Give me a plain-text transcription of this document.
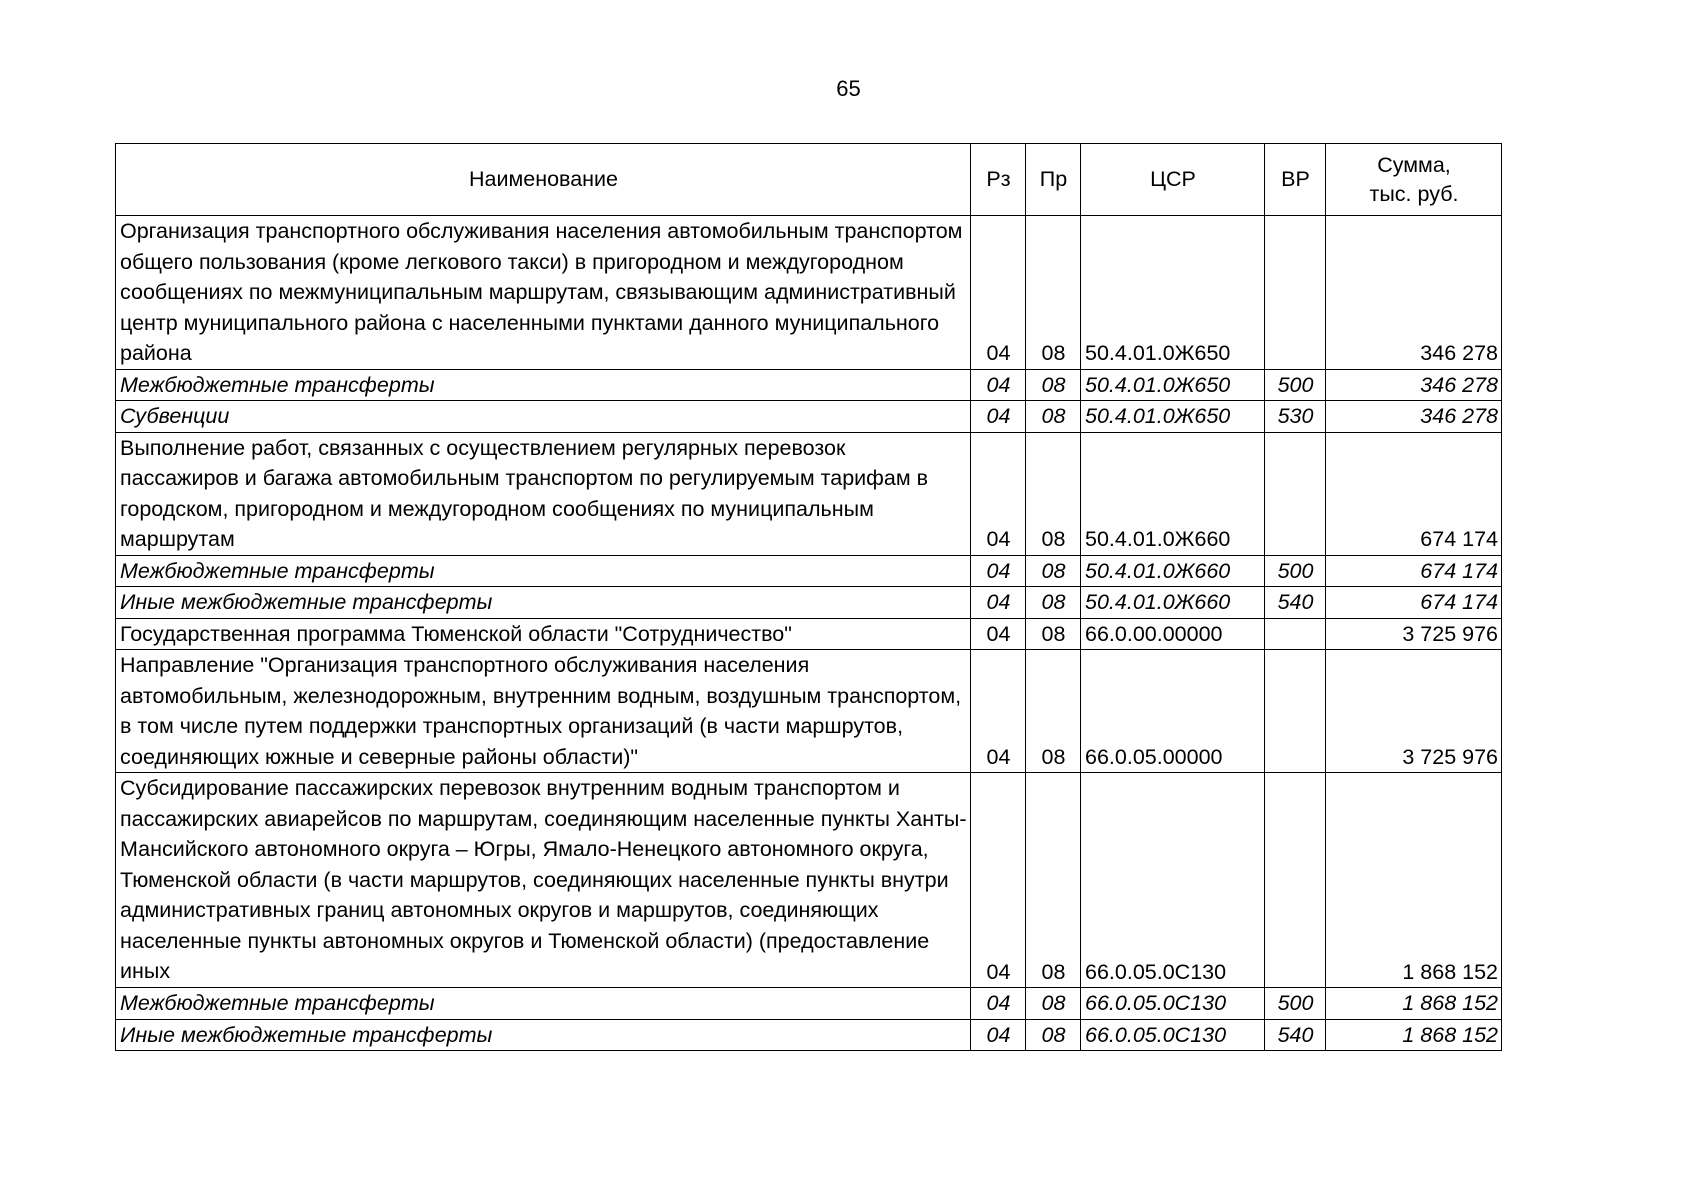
65
Наименование	Рз	Пр	ЦСР	ВР	Сумма,
тыс. руб.

Организация транспортного обслуживания населения автомобильным транспортом общего пользования (кроме легкового такси) в пригородном и междугородном сообщениях по межмуниципальным маршрутам, связывающим административный центр муниципального района с населенными пунктами данного муниципального района	04	08	50.4.01.0Ж650		346 278
Межбюджетные трансферты	04	08	50.4.01.0Ж650	500	346 278
Субвенции	04	08	50.4.01.0Ж650	530	346 278
Выполнение работ, связанных с осуществлением регулярных перевозок пассажиров и багажа автомобильным транспортом по регулируемым тарифам в городском, пригородном и междугородном сообщениях по муниципальным маршрутам	04	08	50.4.01.0Ж660		674 174
Межбюджетные трансферты	04	08	50.4.01.0Ж660	500	674 174
Иные межбюджетные трансферты	04	08	50.4.01.0Ж660	540	674 174
Государственная программа Тюменской области "Сотрудничество"	04	08	66.0.00.00000		3 725 976
Направление "Организация транспортного обслуживания населения автомобильным, железнодорожным, внутренним водным, воздушным транспортом, в том числе путем поддержки транспортных организаций (в части маршрутов, соединяющих южные и северные районы области)"	04	08	66.0.05.00000		3 725 976

Субсидирование пассажирских перевозок внутренним водным транспортом и пассажирских авиарейсов по маршрутам, соединяющим населенные пункты Ханты-Мансийского автономного округа – Югры, Ямало-Ненецкого автономного округа, Тюменской области (в части маршрутов, соединяющих населенные пункты внутри административных границ автономных округов и маршрутов, соединяющих населенные пункты автономных округов и Тюменской области) (предоставление иных	04	08	66.0.05.0С130		1 868 152
Межбюджетные трансферты	04	08	66.0.05.0С130	500	1 868 152
Иные межбюджетные трансферты	04	08	66.0.05.0С130	540	1 868 152
